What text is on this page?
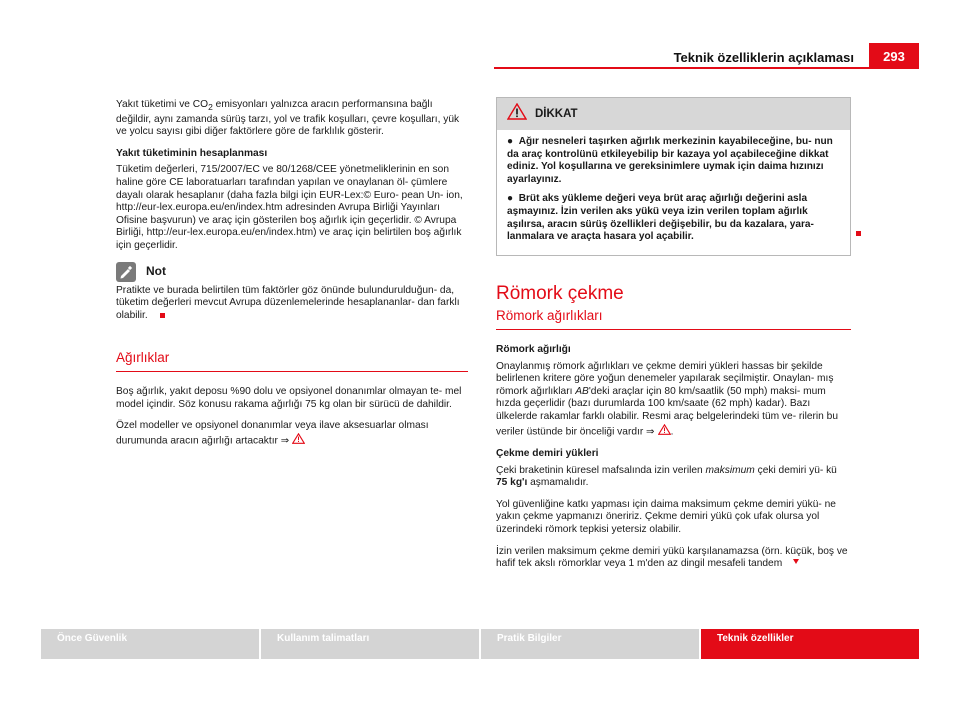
Teknik özelliklerin açıklaması	293

Yakıt tüketimi ve $CO_2$ emisyonları yalnızca aracın performansına bağlı değildir, aynı zamanda sürüş tarzı, yol ve trafik koşulları, çevre koşulları, yük ve yolcu sayısı gibi diğer faktörlere göre de farklılık gösterir.

Yakıt tüketiminin hesaplanması

Tüketim değerleri, 715/2007/EC ve 80/1268/CEE yönetmeliklerinin en son haline göre CE laboratuarları tarafından yapılan ve onaylanan öl- çümlere dayalı olarak hesaplanır (daha fazla bilgi için EUR-Lex:© Euro- pean Un- ion, http://eur-lex.europa.eu/en/index.htm adresinden Avrupa Birliği Yayınları Ofisine başvurun) ve araç için gösterilen boş ağırlık için geçerlidir. © Avrupa Birliği, http://eur-lex.europa.eu/en/index.htm) ve araç için belirtilen boş ağırlık için geçerlidir.

Not

Pratikte ve burada belirtilen tüm faktörler göz önünde bulundurulduğun- da, tüketim değerleri mevcut Avrupa düzenlemelerinde hesaplananlar- dan farklı olabilir.

Ağırlıklar

Boş ağırlık, yakıt deposu %90 dolu ve opsiyonel donanımlar olmayan te- mel model içindir. Söz konusu rakama ağırlığı 75 kg olan bir sürücü de dahildir.

Özel modeller ve opsiyonel donanımlar veya ilave aksesuarlar olması durumunda aracın ağırlığı artacaktır ⇒

DİKKAT

●  Ağır nesneleri taşırken ağırlık merkezinin kayabileceğine, bu- nun da araç kontrolünü etkileyebilip bir kazaya yol açabileceğine dikkat ediniz. Yol koşullarına ve gereksinimlere uymak için daima hızınızı ayarlayınız.

●  Brüt aks yükleme değeri veya brüt araç ağırlığı değerini asla aşmayınız. İzin verilen aks yükü veya izin verilen toplam ağırlık aşılırsa, aracın sürüş özellikleri değişebilir, bu da kazalara, yara- lanmalara ve araçta hasara yol açabilir.

Römork çekme
Römork ağırlıkları
Römork ağırlığı

Onaylanmış römork ağırlıkları ve çekme demiri yükleri hassas bir şekilde belirlenen kritere göre yoğun denemeler yapılarak seçilmiştir. Onaylan- mış römork ağırlıkları AB'deki araçlar için 80 km/saatlik (50 mph) maksi- mum hızda geçerlidir (bazı durumlarda 100 km/saate (62 mph) kadar). Bazı ülkelerde rakamlar farklı olabilir. Resmi araç belgelerindeki tüm ve- rilerin bu veriler üstünde bir önceliği vardır ⇒ .

Çekme demiri yükleri

Çeki braketinin küresel mafsalında izin verilen maksimum çeki demiri yü- kü 75 kg'ı aşmamalıdır.

Yol güvenliğine katkı yapması için daima maksimum çekme demiri yükü- ne yakın çekme yapmanızı öneririz. Çekme demiri yükü çok ufak olursa yol üzerindeki römork tepkisi yetersiz olabilir.

İzin verilen maksimum çekme demiri yükü karşılanamazsa (örn. küçük, boş ve hafif tek akslı römorklar veya 1 m'den az dingil mesafeli tandem

Önce Güvenlik	Kullanım talimatları	Pratik Bilgiler	Teknik özellikler
